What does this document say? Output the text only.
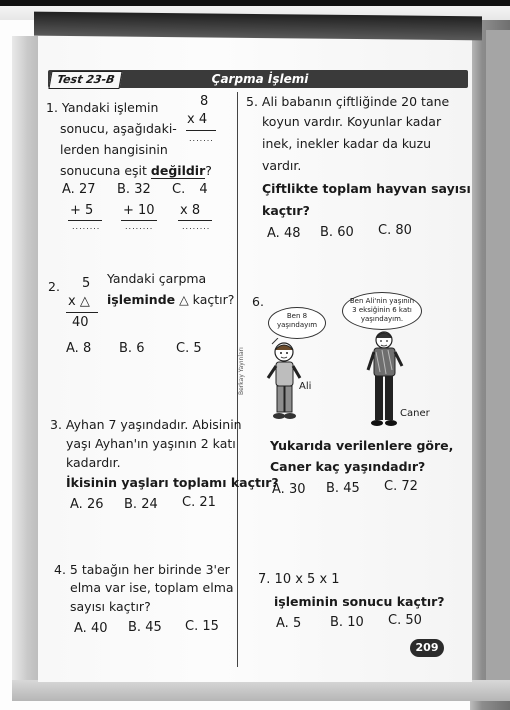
Test 23-B	Çarpma İşlemi
Berkay Yayınları
1. Yandaki işlemin
sonucu, aşağıdaki-
lerden hangisinin
sonucuna eşit değildir?
8
x 4
.......
A. 27
+ 5
........
B. 32
+ 10
........
C. 4
x 8
........
2. 5
x △
40
Yandaki çarpma
işleminde △ kaçtır?
A. 8 B. 6 C. 5
3. Ayhan 7 yaşındadır. Abisinin
yaşı Ayhan'ın yaşının 2 katı
kadardır.
İkisinin yaşları toplamı kaçtır?
A. 26 B. 24 C. 21
4. 5 tabağın her birinde 3'er
elma var ise, toplam elma
sayısı kaçtır?
A. 40 B. 45 C. 15
5. Ali babanın çiftliğinde 20 tane
koyun vardır. Koyunlar kadar
inek, inekler kadar da kuzu
vardır.
Çiftlikte toplam hayvan sayısı
kaçtır?
A. 48 B. 60 C. 80
6.
Ben 8
yaşındayım
Ben Ali'nin yaşının
3 eksiğinin 6 katı
yaşındayım.
Ali
Caner
Yukarıda verilenlere göre,
Caner kaç yaşındadır?
A. 30 B. 45 C. 72
7. 10 x 5 x 1
işleminin sonucu kaçtır?
A. 5 B. 10 C. 50
209
